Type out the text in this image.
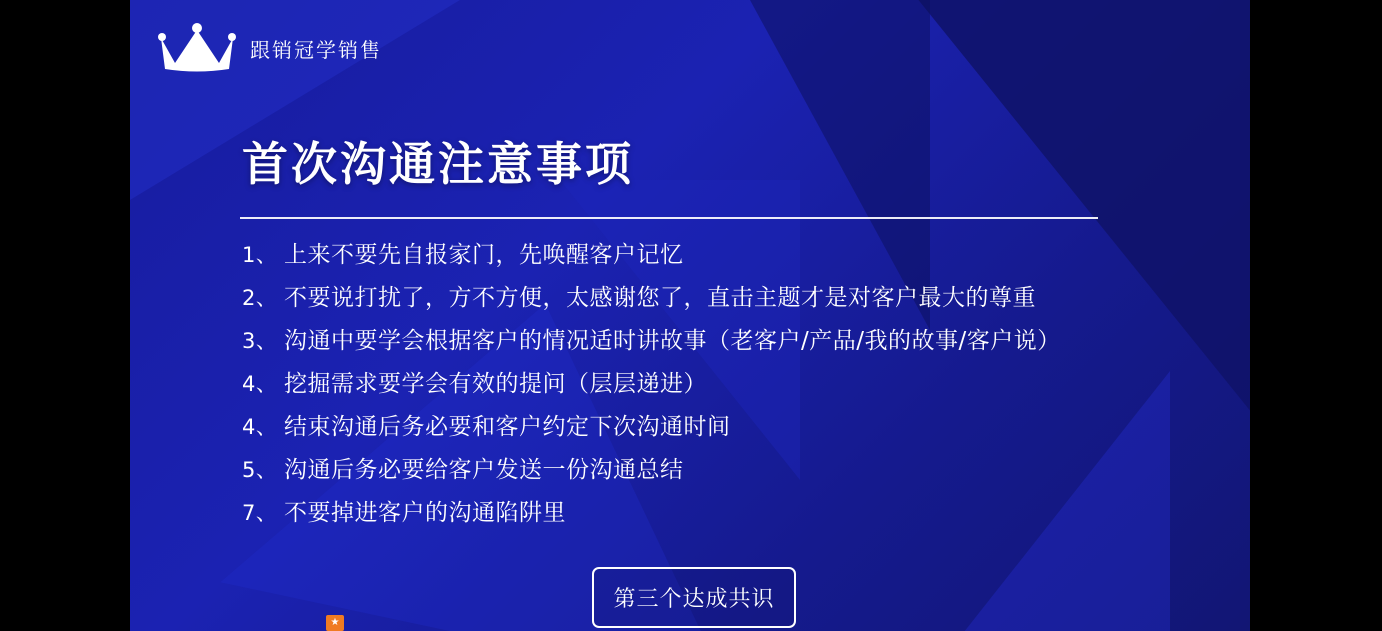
跟销冠学销售
首次沟通注意事项
1、 上来不要先自报家门，先唤醒客户记忆
2、 不要说打扰了，方不方便，太感谢您了，直击主题才是对客户最大的尊重
3、 沟通中要学会根据客户的情况适时讲故事（老客户/产品/我的故事/客户说）
4、 挖掘需求要学会有效的提问（层层递进）
4、 结束沟通后务必要和客户约定下次沟通时间
5、 沟通后务必要给客户发送一份沟通总结
7、 不要掉进客户的沟通陷阱里
第三个达成共识
★
